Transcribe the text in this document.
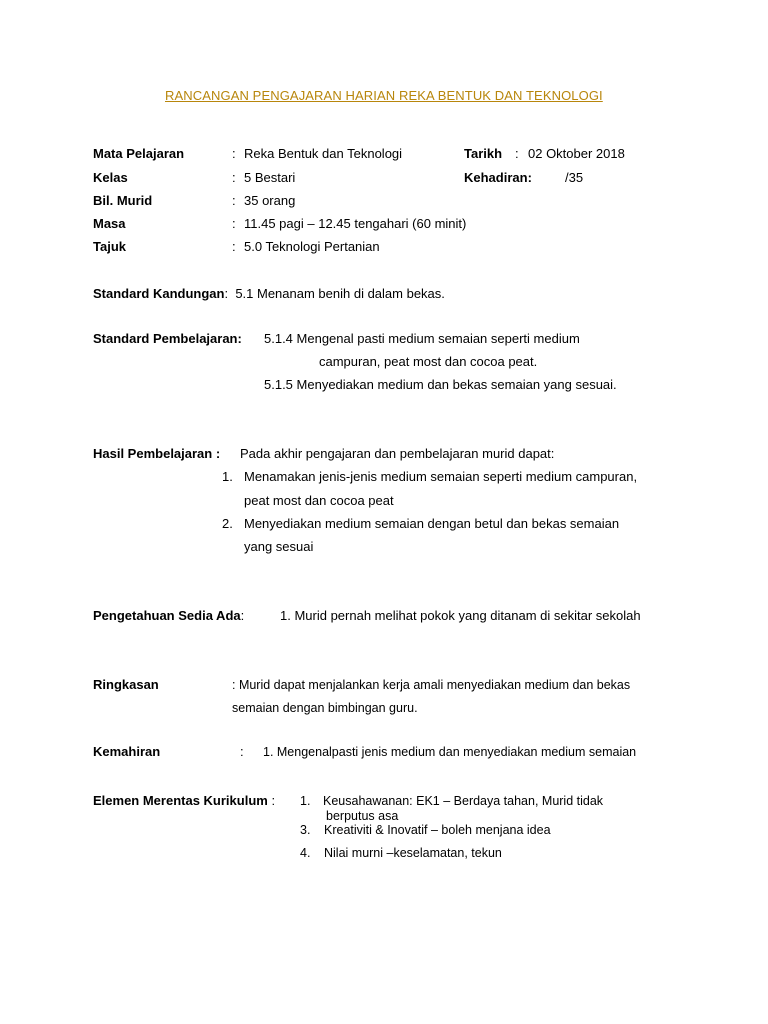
RANCANGAN PENGAJARAN HARIAN REKA BENTUK DAN TEKNOLOGI
Mata Pelajaran	: Reka Bentuk dan Teknologi	Tarikh : 02 Oktober 2018
Kelas	: 5 Bestari	Kehadiran:	/35
Bil. Murid	: 35 orang
Masa	: 11.45 pagi – 12.45 tengahari (60 minit)
Tajuk	: 5.0 Teknologi Pertanian
Standard Kandungan: 5.1 Menanam benih di dalam bekas.
Standard Pembelajaran: 5.1.4 Mengenal pasti medium semaian seperti medium
campuran, peat most dan cocoa peat.
5.1.5 Menyediakan medium dan bekas semaian yang sesuai.
Hasil Pembelajaran : Pada akhir pengajaran dan pembelajaran murid dapat:
1. Menamakan jenis-jenis medium semaian seperti medium campuran,
peat most dan cocoa peat
2. Menyediakan medium semaian dengan betul dan bekas semaian
yang sesuai
Pengetahuan Sedia Ada:	1. Murid pernah melihat pokok yang ditanam di sekitar sekolah
Ringkasan	: Murid dapat menjalankan kerja amali menyediakan medium dan bekas
semaian dengan bimbingan guru.
Kemahiran	: 1. Mengenalpasti jenis medium dan menyediakan medium semaian
Elemen Merentas Kurikulum : 1. Keusahawanan: EK1 – Berdaya tahan, Murid tidak
berputus asa
3. Kreativiti & Inovatif – boleh menjana idea
4. Nilai murni –keselamatan, tekun
